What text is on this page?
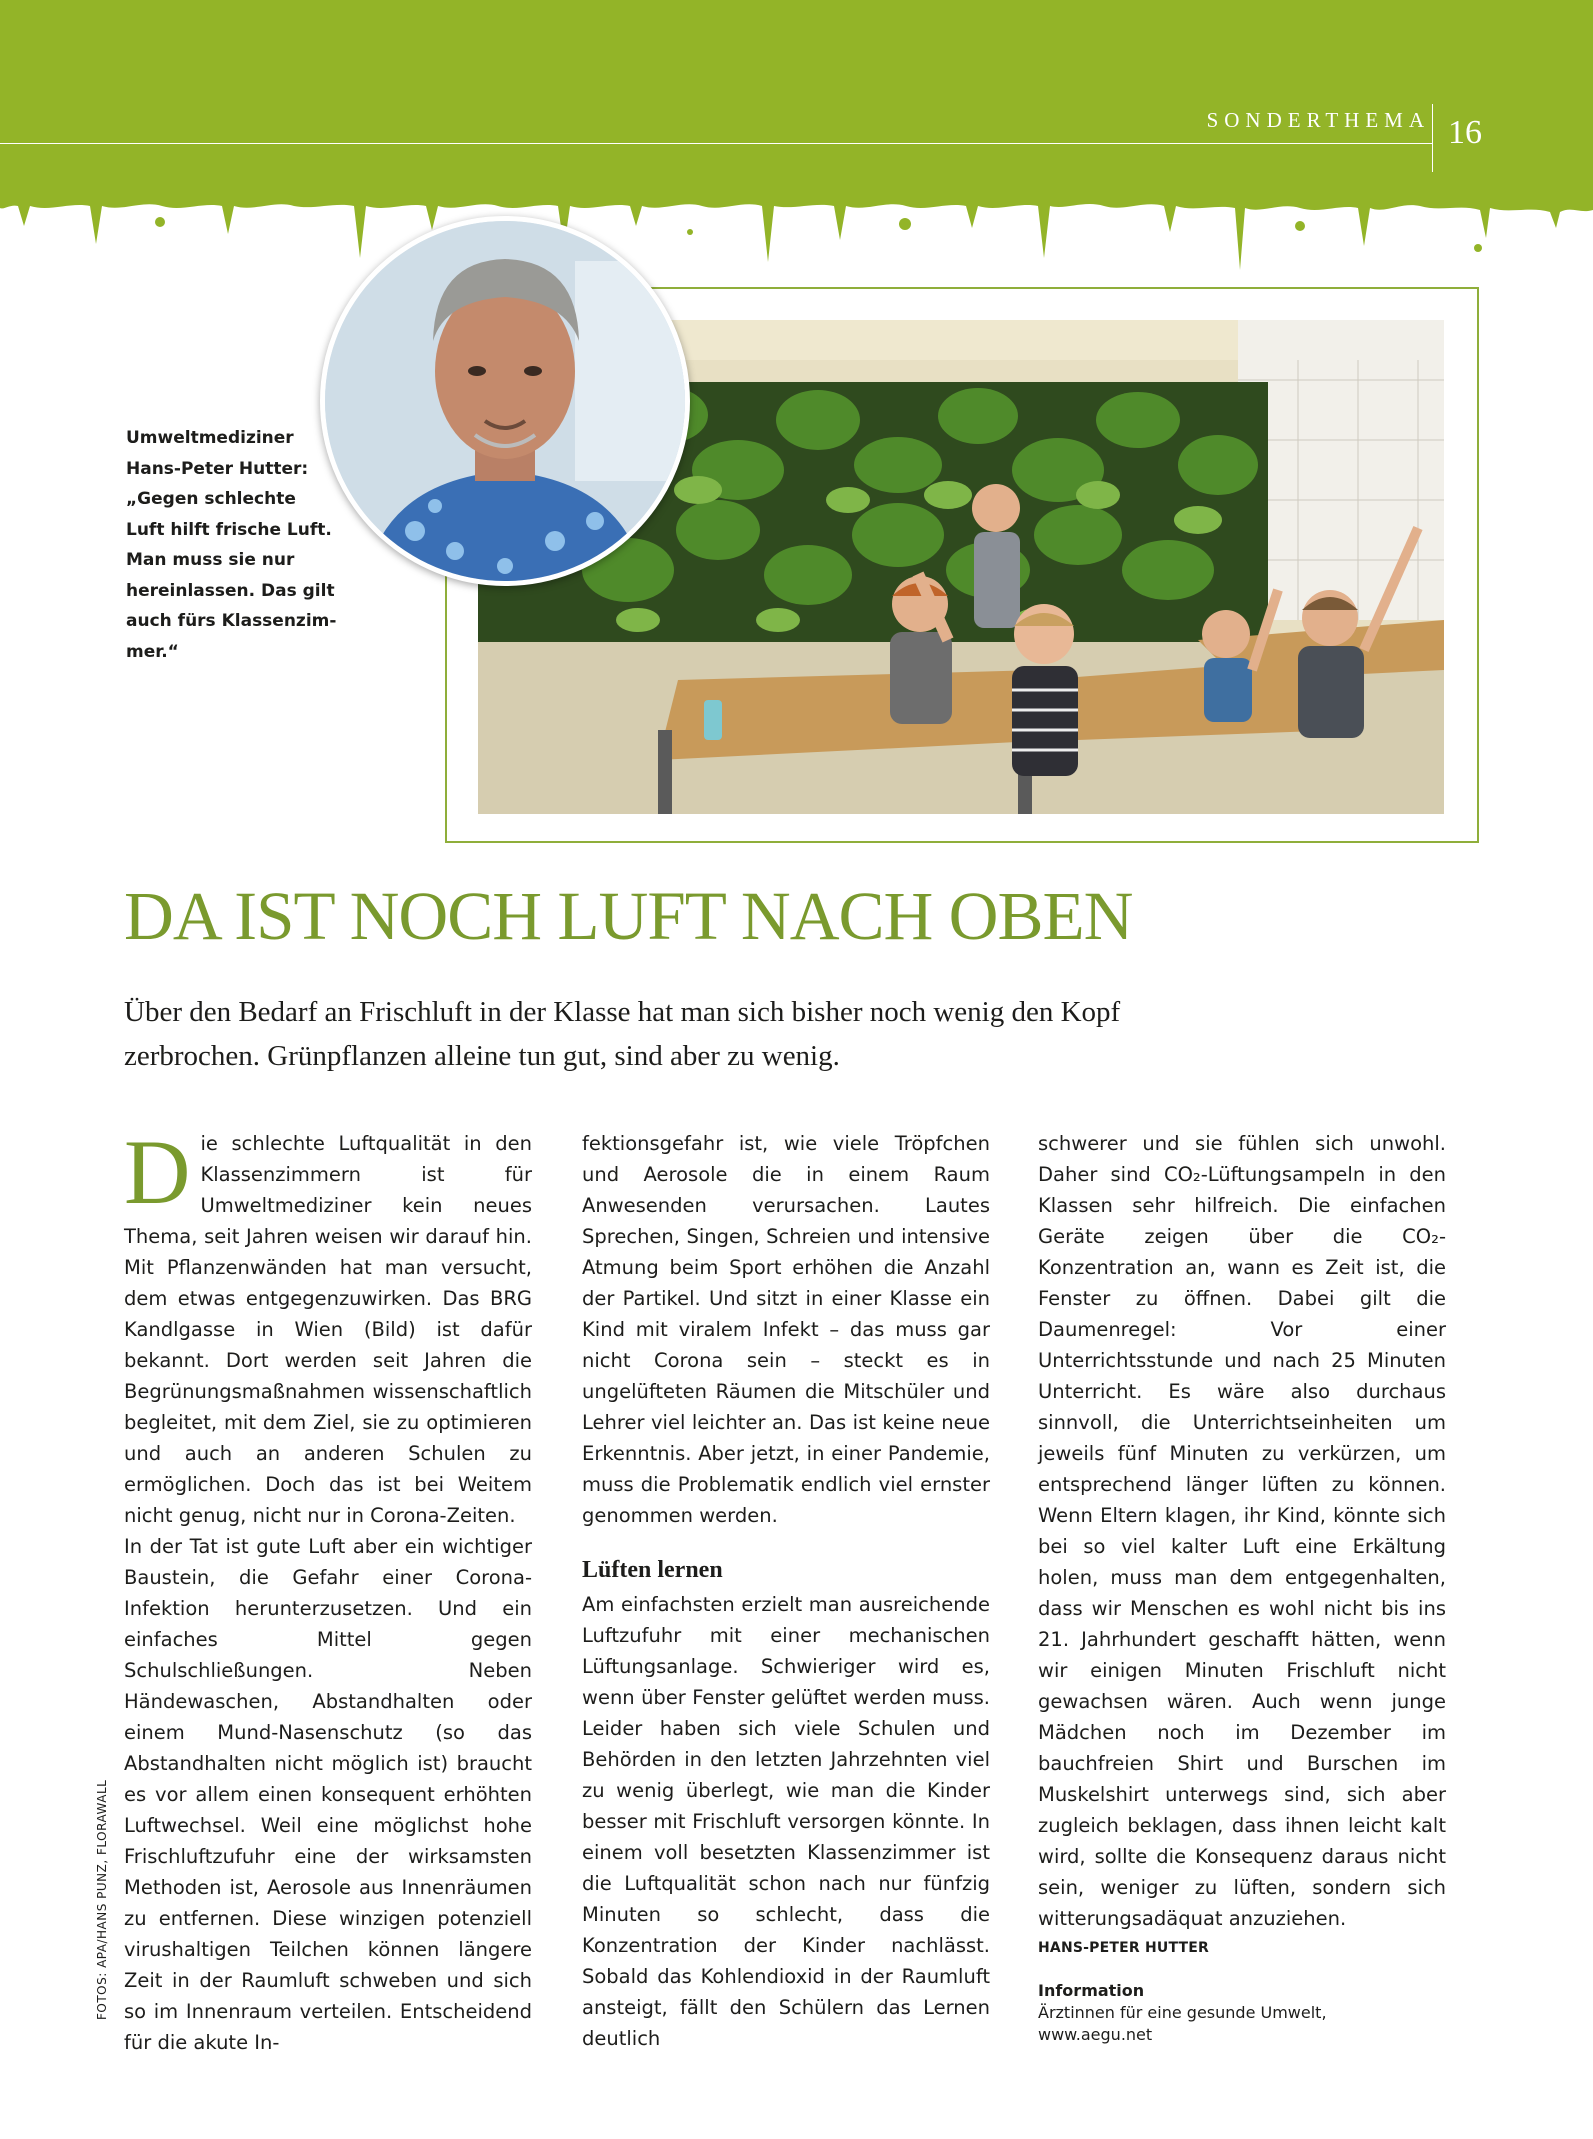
SONDERTHEMA 16
Umweltmediziner
Hans-Peter Hutter:
„Gegen schlechte
Luft hilft frische Luft.
Man muss sie nur
hereinlassen. Das gilt
auch fürs Klassenzim-
mer.“
DA IST NOCH LUFT NACH OBEN

Über den Bedarf an Frischluft in der Klasse hat man sich bisher noch wenig den Kopf zerbrochen. Grünpflanzen alleine tun gut, sind aber zu wenig.

D ie schlechte Luftqualität in den Klassenzimmern ist für Umweltmediziner kein neues Thema, seit Jahren weisen wir darauf hin. Mit Pflanzenwänden hat man versucht, dem etwas entgegenzuwirken. Das BRG Kandlgasse in Wien (Bild) ist dafür bekannt. Dort werden seit Jahren die Begrünungsmaßnahmen wissenschaftlich begleitet, mit dem Ziel, sie zu optimieren und auch an anderen Schulen zu ermöglichen. Doch das ist bei Weitem nicht genug, nicht nur in Corona-Zeiten.

In der Tat ist gute Luft aber ein wichtiger Baustein, die Gefahr einer Corona-Infektion herunterzusetzen. Und ein einfaches Mittel gegen Schulschließungen. Neben Händewaschen, Abstandhalten oder einem Mund-Nasenschutz (so das Abstandhalten nicht möglich ist) braucht es vor allem einen konsequent erhöhten Luftwechsel. Weil eine möglichst hohe Frischluftzufuhr eine der wirksamsten Methoden ist, Aerosole aus Innenräumen zu entfernen. Diese winzigen potenziell virushaltigen Teilchen können längere Zeit in der Raumluft schweben und sich so im Innenraum verteilen. Entscheidend für die akute In-

fektionsgefahr ist, wie viele Tröpfchen und Aerosole die in einem Raum Anwesenden verursachen. Lautes Sprechen, Singen, Schreien und intensive Atmung beim Sport erhöhen die Anzahl der Partikel. Und sitzt in einer Klasse ein Kind mit viralem Infekt – das muss gar nicht Corona sein – steckt es in ungelüfteten Räumen die Mitschüler und Lehrer viel leichter an. Das ist keine neue Erkenntnis. Aber jetzt, in einer Pandemie, muss die Problematik endlich viel ernster genommen werden.

Lüften lernen

Am einfachsten erzielt man ausreichende Luftzufuhr mit einer mechanischen Lüftungsanlage. Schwieriger wird es, wenn über Fenster gelüftet werden muss. Leider haben sich viele Schulen und Behörden in den letzten Jahrzehnten viel zu wenig überlegt, wie man die Kinder besser mit Frischluft versorgen könnte. In einem voll besetzten Klassenzimmer ist die Luftqualität schon nach nur fünfzig Minuten so schlecht, dass die Konzentration der Kinder nachlässt. Sobald das Kohlendioxid in der Raumluft ansteigt, fällt den Schülern das Lernen deutlich

schwerer und sie fühlen sich unwohl. Daher sind CO₂-Lüftungsampeln in den Klassen sehr hilfreich. Die einfachen Geräte zeigen über die CO₂-Konzentration an, wann es Zeit ist, die Fenster zu öffnen. Dabei gilt die Daumenregel: Vor einer Unterrichtsstunde und nach 25 Minuten Unterricht. Es wäre also durchaus sinnvoll, die Unterrichtseinheiten um jeweils fünf Minuten zu verkürzen, um entsprechend länger lüften zu können. Wenn Eltern klagen, ihr Kind, könnte sich bei so viel kalter Luft eine Erkältung holen, muss man dem entgegenhalten, dass wir Menschen es wohl nicht bis ins 21. Jahrhundert geschafft hätten, wenn wir einigen Minuten Frischluft nicht gewachsen wären. Auch wenn junge Mädchen noch im Dezember im bauchfreien Shirt und Burschen im Muskelshirt unterwegs sind, sich aber zugleich beklagen, dass ihnen leicht kalt wird, sollte die Konsequenz daraus nicht sein, weniger zu lüften, sondern sich witterungsadäquat anzuziehen.

HANS-PETER HUTTER
Information
Ärztinnen für eine gesunde Umwelt,
www.aegu.net
FOTOS: APA/HANS PUNZ, FLORAWALL
